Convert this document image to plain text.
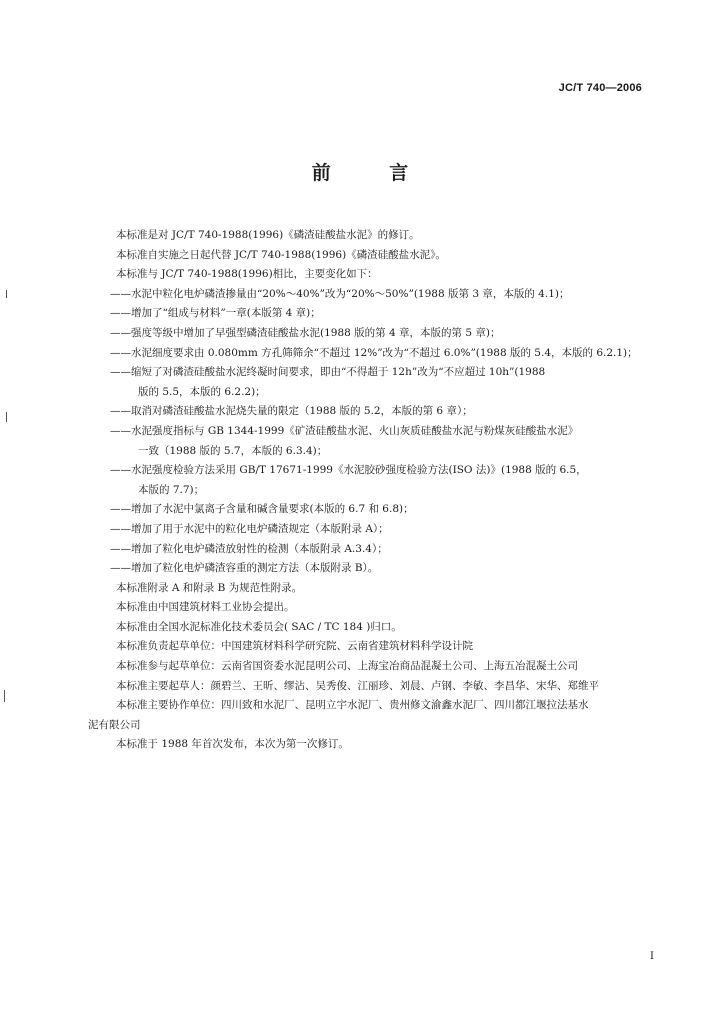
JC/T 740—2006
前 言
本标准是对 JC/T 740-1988(1996)《磷渣硅酸盐水泥》的修订。
本标准自实施之日起代替 JC/T 740-1988(1996)《磷渣硅酸盐水泥》。
本标准与 JC/T 740-1988(1996)相比，主要变化如下：
——水泥中粒化电炉磷渣掺量由“20%～40%”改为“20%～50%”(1988 版第 3 章，本版的 4.1)；
——增加了“组成与材料”一章(本版第 4 章)；
——强度等级中增加了早强型磷渣硅酸盐水泥(1988 版的第 4 章，本版的第 5 章)；
——水泥细度要求由 0.080mm 方孔筛筛余“不超过 12%”改为“不超过 6.0%”(1988 版的 5.4，本版的 6.2.1)；
——缩短了对磷渣硅酸盐水泥终凝时间要求，即由“不得超于 12h”改为“不应超过 10h”(1988
版的 5.5，本版的 6.2.2)；
——取消对磷渣硅酸盐水泥烧失量的限定（1988 版的 5.2，本版的第 6 章）；
——水泥强度指标与 GB 1344-1999《矿渣硅酸盐水泥、火山灰质硅酸盐水泥与粉煤灰硅酸盐水泥》
一致（1988 版的 5.7，本版的 6.3.4)；
——水泥强度检验方法采用 GB/T 17671-1999《水泥胶砂强度检验方法(ISO 法)》(1988 版的 6.5，
本版的 7.7)；
——增加了水泥中氯离子含量和碱含量要求(本版的 6.7 和 6.8)；
——增加了用于水泥中的粒化电炉磷渣规定（本版附录 A）；
——增加了粒化电炉磷渣放射性的检测（本版附录 A.3.4）；
——增加了粒化电炉磷渣容重的测定方法（本版附录 B）。
本标准附录 A 和附录 B 为规范性附录。
本标准由中国建筑材料工业协会提出。
本标准由全国水泥标准化技术委员会( SAC / TC 184 )归口。
本标准负责起草单位：中国建筑材料科学研究院、云南省建筑材料科学设计院
本标准参与起草单位：云南省国资委水泥昆明公司、上海宝冶商品混凝土公司、上海五冶混凝土公司
本标准主要起草人：颜碧兰、王昕、缪沾、吴秀俊、江丽珍、刘晨、卢钢、李敏、李昌华、宋华、郑维平
本标准主要协作单位：四川致和水泥厂、昆明立宇水泥厂、贵州修文渝鑫水泥厂、四川都江堰拉法基水
泥有限公司
本标准于 1988 年首次发布，本次为第一次修订。
I
